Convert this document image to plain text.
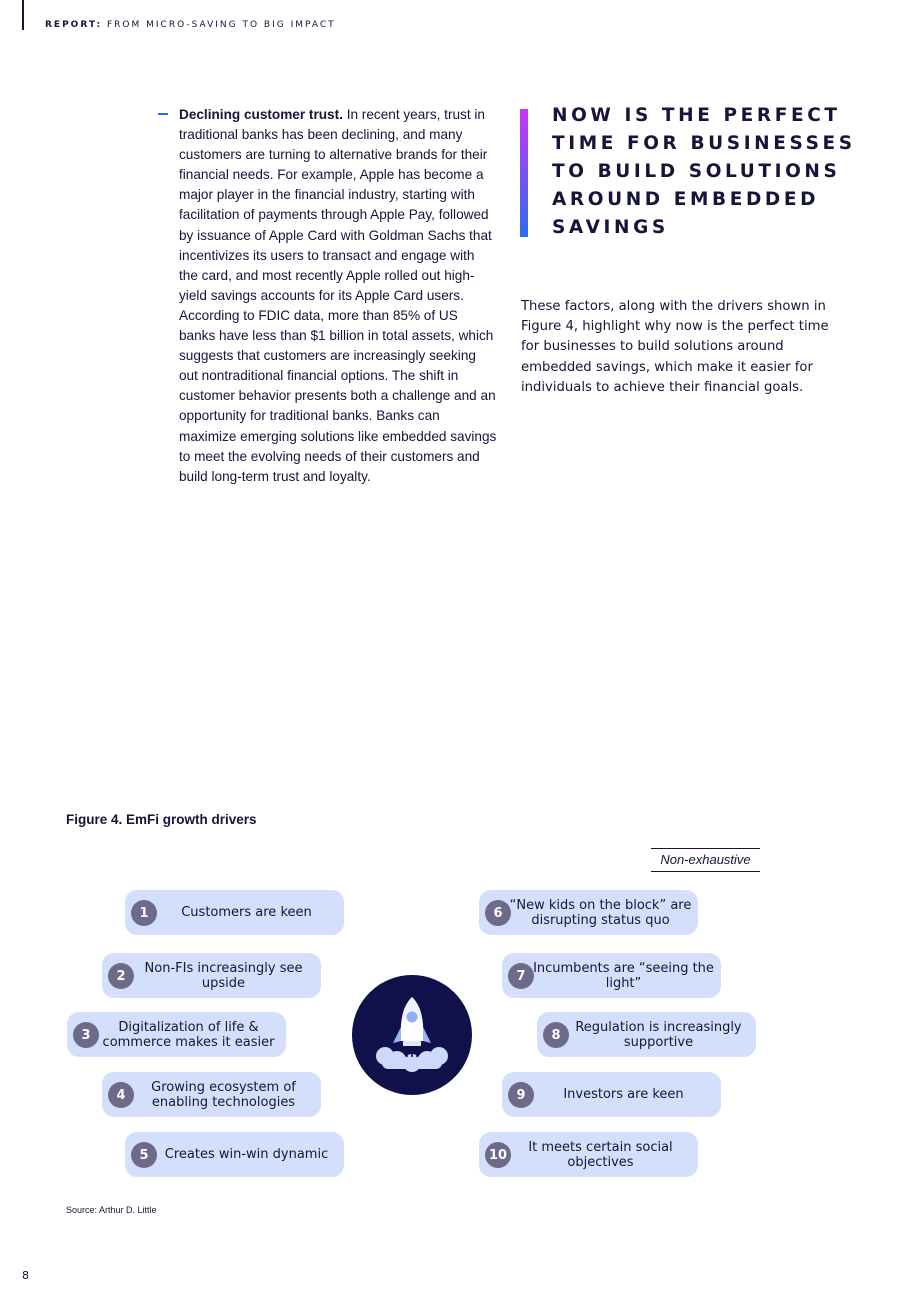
REPORT: FROM MICRO-SAVING TO BIG IMPACT
Declining customer trust. In recent years, trust in traditional banks has been declining, and many customers are turning to alternative brands for their financial needs. For example, Apple has become a major player in the financial industry, starting with facilitation of payments through Apple Pay, followed by issuance of Apple Card with Goldman Sachs that incentivizes its users to transact and engage with the card, and most recently Apple rolled out high-yield savings accounts for its Apple Card users. According to FDIC data, more than 85% of US banks have less than $1 billion in total assets, which suggests that customers are increasingly seeking out nontraditional financial options. The shift in customer behavior presents both a challenge and an opportunity for traditional banks. Banks can maximize emerging solutions like embedded savings to meet the evolving needs of their customers and build long-term trust and loyalty.
NOW IS THE PERFECT TIME FOR BUSINESSES TO BUILD SOLUTIONS AROUND EMBEDDED SAVINGS
These factors, along with the drivers shown in Figure 4, highlight why now is the perfect time for businesses to build solutions around embedded savings, which make it easier for individuals to achieve their financial goals.
Figure 4. EmFi growth drivers
Non-exhaustive
1	Customers are keen
2
Non-FIs increasingly see upside
3
Digitalization of life & commerce makes it easier
4
Growing ecosystem of enabling technologies
5	Creates win-win dynamic
6
“New kids on the block” are disrupting status quo
7
Incumbents are “seeing the light”
8
Regulation is increasingly supportive
9	Investors are keen
10
It meets certain social objectives
Source: Arthur D. Little
8
